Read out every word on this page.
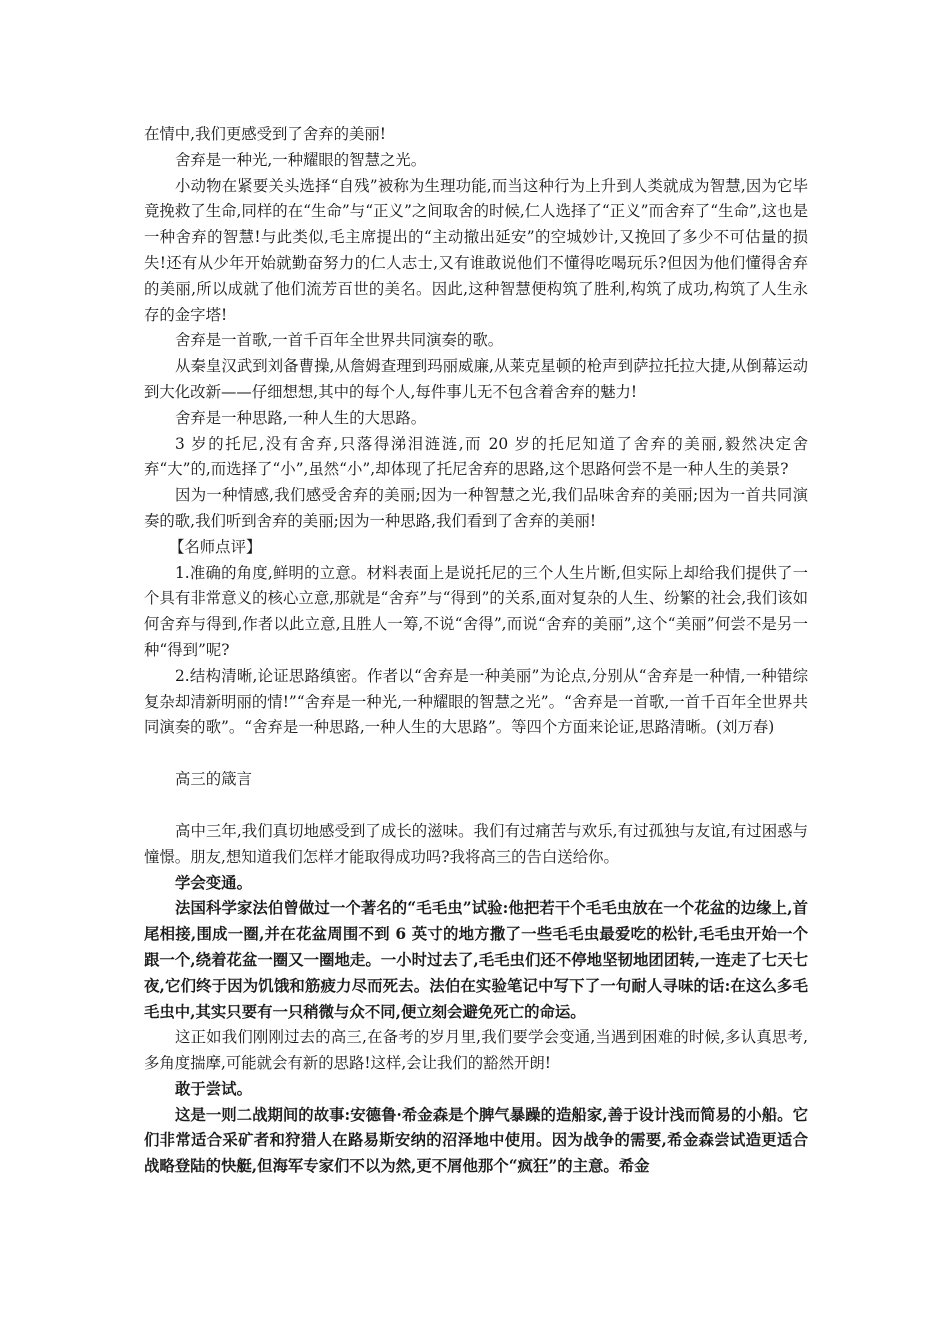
在情中,我们更感受到了舍弃的美丽!

舍弃是一种光,一种耀眼的智慧之光。

小动物在紧要关头选择“自残”被称为生理功能,而当这种行为上升到人类就成为智慧,因为它毕竟挽救了生命,同样的在“生命”与“正义”之间取舍的时候,仁人选择了“正义”而舍弃了“生命”,这也是一种舍弃的智慧!与此类似,毛主席提出的“主动撤出延安”的空城妙计,又挽回了多少不可估量的损失!还有从少年开始就勤奋努力的仁人志士,又有谁敢说他们不懂得吃喝玩乐?但因为他们懂得舍弃的美丽,所以成就了他们流芳百世的美名。因此,这种智慧便构筑了胜利,构筑了成功,构筑了人生永存的金字塔!

舍弃是一首歌,一首千百年全世界共同演奏的歌。

从秦皇汉武到刘备曹操,从詹姆查理到玛丽威廉,从莱克星顿的枪声到萨拉托拉大捷,从倒幕运动到大化改新——仔细想想,其中的每个人,每件事儿无不包含着舍弃的魅力!

舍弃是一种思路,一种人生的大思路。

3 岁的托尼,没有舍弃,只落得涕泪涟涟,而 20 岁的托尼知道了舍弃的美丽,毅然决定舍弃“大”的,而选择了“小”,虽然“小”,却体现了托尼舍弃的思路,这个思路何尝不是一种人生的美景?

因为一种情感,我们感受舍弃的美丽;因为一种智慧之光,我们品味舍弃的美丽;因为一首共同演奏的歌,我们听到舍弃的美丽;因为一种思路,我们看到了舍弃的美丽!

【名师点评】

1.准确的角度,鲜明的立意。材料表面上是说托尼的三个人生片断,但实际上却给我们提供了一个具有非常意义的核心立意,那就是“舍弃”与“得到”的关系,面对复杂的人生、纷繁的社会,我们该如何舍弃与得到,作者以此立意,且胜人一筹,不说“舍得”,而说“舍弃的美丽”,这个“美丽”何尝不是另一种“得到”呢?

2.结构清晰,论证思路缜密。作者以“舍弃是一种美丽”为论点,分别从“舍弃是一种情,一种错综复杂却清新明丽的情!”“舍弃是一种光,一种耀眼的智慧之光”。“舍弃是一首歌,一首千百年全世界共同演奏的歌”。“舍弃是一种思路,一种人生的大思路”。等四个方面来论证,思路清晰。(刘万春)

高三的箴言

高中三年,我们真切地感受到了成长的滋味。我们有过痛苦与欢乐,有过孤独与友谊,有过困惑与憧憬。朋友,想知道我们怎样才能取得成功吗?我将高三的告白送给你。

学会变通。

法国科学家法伯曾做过一个著名的“毛毛虫”试验:他把若干个毛毛虫放在一个花盆的边缘上,首尾相接,围成一圈,并在花盆周围不到 6 英寸的地方撒了一些毛毛虫最爱吃的松针,毛毛虫开始一个跟一个,绕着花盆一圈又一圈地走。一小时过去了,毛毛虫们还不停地坚韧地团团转,一连走了七天七夜,它们终于因为饥饿和筋疲力尽而死去。法伯在实验笔记中写下了一句耐人寻味的话:在这么多毛毛虫中,其实只要有一只稍微与众不同,便立刻会避免死亡的命运。

这正如我们刚刚过去的高三,在备考的岁月里,我们要学会变通,当遇到困难的时候,多认真思考,多角度揣摩,可能就会有新的思路!这样,会让我们的豁然开朗!

敢于尝试。

这是一则二战期间的故事:安德鲁·希金森是个脾气暴躁的造船家,善于设计浅而简易的小船。它们非常适合采矿者和狩猎人在路易斯安纳的沼泽地中使用。因为战争的需要,希金森尝试造更适合战略登陆的快艇,但海军专家们不以为然,更不屑他那个“疯狂”的主意。希金
